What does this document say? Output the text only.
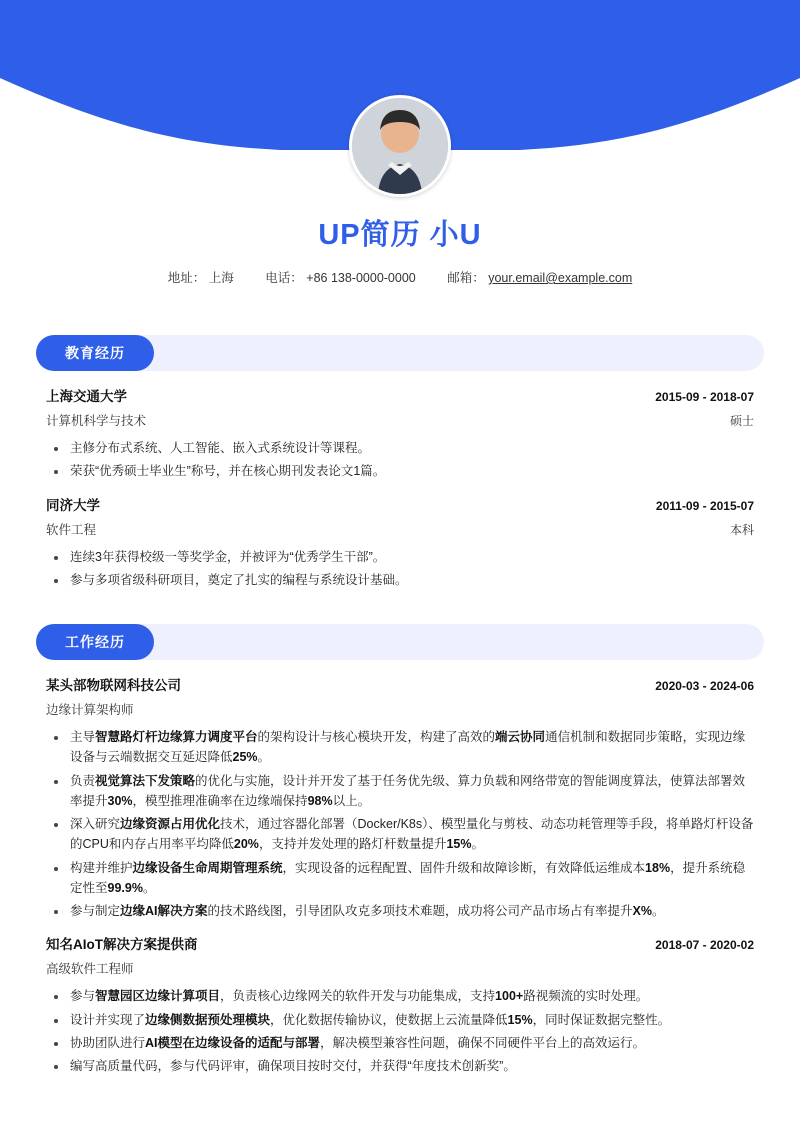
UP简历 小U
地址： 上海	电话： +86 138-0000-0000	邮箱： your.email@example.com
教育经历
上海交通大学	2015-09 - 2018-07
计算机科学与技术	硕士
• 主修分布式系统、人工智能、嵌入式系统设计等课程。
• 荣获“优秀硕士毕业生”称号，并在核心期刊发表论文1篇。
同济大学	2011-09 - 2015-07
软件工程	本科
• 连续3年获得校级一等奖学金，并被评为“优秀学生干部”。
• 参与多项省级科研项目，奠定了扎实的编程与系统设计基础。
工作经历
某头部物联网科技公司	2020-03 - 2024-06
边缘计算架构师
• 主导智慧路灯杆边缘算力调度平台的架构设计与核心模块开发，构建了高效的端云协同通信机制和数据同步策略，实现边缘设备与云端数据交互延迟降低25%。
• 负责视觉算法下发策略的优化与实施，设计并开发了基于任务优先级、算力负载和网络带宽的智能调度算法，使算法部署效率提升30%，模型推理准确率在边缘端保持98%以上。
• 深入研究边缘资源占用优化技术，通过容器化部署（Docker/K8s）、模型量化与剪枝、动态功耗管理等手段，将单路灯杆设备的CPU和内存占用率平均降低20%，支持并发处理的路灯杆数量提升15%。
• 构建并维护边缘设备生命周期管理系统，实现设备的远程配置、固件升级和故障诊断，有效降低运维成本18%，提升系统稳定性至99.9%。
• 参与制定边缘AI解决方案的技术路线图，引导团队攻克多项技术难题，成功将公司产品市场占有率提升X%。
知名AIoT解决方案提供商	2018-07 - 2020-02
高级软件工程师
• 参与智慧园区边缘计算项目，负责核心边缘网关的软件开发与功能集成，支持100+路视频流的实时处理。
• 设计并实现了边缘侧数据预处理模块，优化数据传输协议，使数据上云流量降低15%，同时保证数据完整性。
• 协助团队进行AI模型在边缘设备的适配与部署，解决模型兼容性问题，确保不同硬件平台上的高效运行。
• 编写高质量代码，参与代码评审，确保项目按时交付，并获得“年度技术创新奖”。
